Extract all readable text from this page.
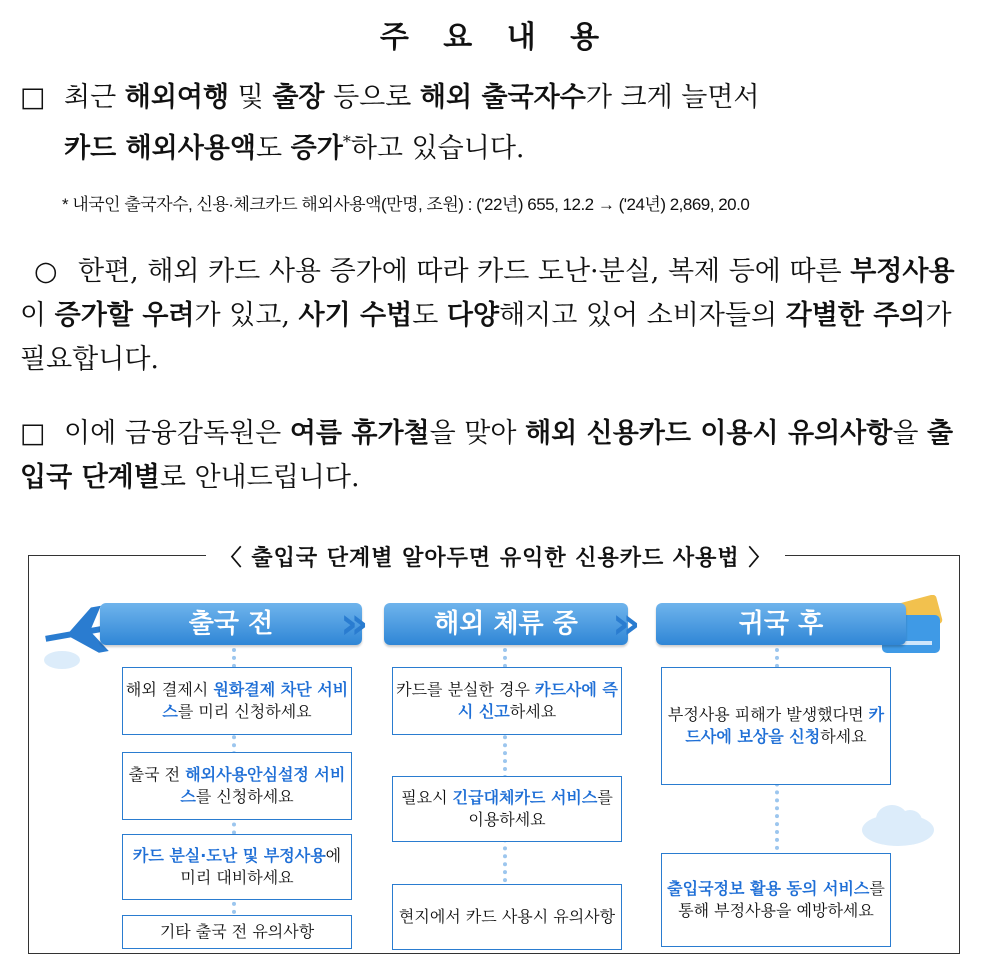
주 요 내 용
□ 최근 해외여행 및 출장 등으로 해외 출국자수가 크게 늘면서
카드 해외사용액도 증가*하고 있습니다.
* 내국인 출국자수, 신용·체크카드 해외사용액(만명, 조원) : ('22년) 655, 12.2 → ('24년) 2,869, 20.0
○ 한편, 해외 카드 사용 증가에 따라 카드 도난·분실, 복제 등에 따른 부정사용이 증가할 우려가 있고, 사기 수법도 다양해지고 있어 소비자들의 각별한 주의가 필요합니다.
□ 이에 금융감독원은 여름 휴가철을 맞아 해외 신용카드 이용시 유의사항을 출입국 단계별로 안내드립니다.
〈 출입국 단계별 알아두면 유익한 신용카드 사용법 〉
출국 전	»	해외 체류 중 »	귀국 후
해외 결제시 원화결제 차단 서비스를 미리 신청하세요
출국 전 해외사용안심설정 서비스를 신청하세요
카드 분실·도난 및 부정사용에 미리 대비하세요
기타 출국 전 유의사항
카드를 분실한 경우 카드사에 즉시 신고하세요
필요시 긴급대체카드 서비스를 이용하세요
현지에서 카드 사용시 유의사항
부정사용 피해가 발생했다면 카드사에 보상을 신청하세요
출입국정보 활용 동의 서비스를 통해 부정사용을 예방하세요
